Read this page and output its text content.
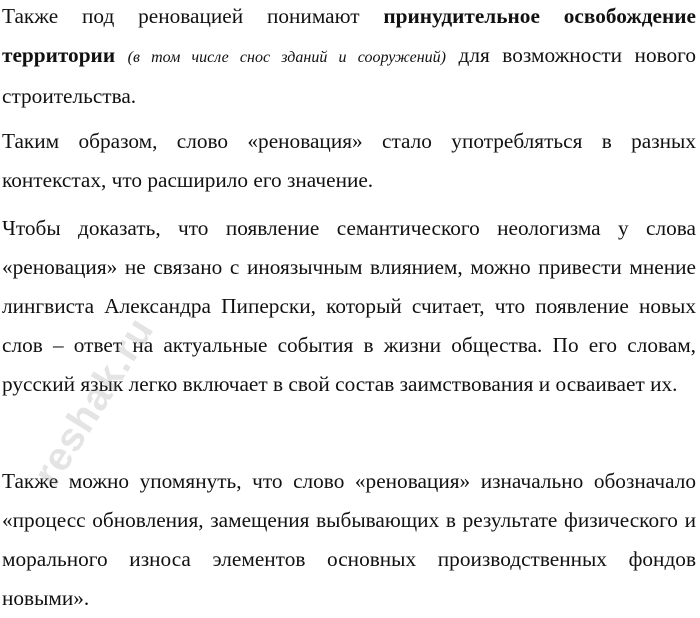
Также под реновацией понимают принудительное освобождение территории (в том числе снос зданий и сооружений) для возможности нового строительства.

Таким образом, слово «реновация» стало употребляться в разных контекстах, что расширило его значение.

Чтобы доказать, что появление семантического неологизма у слова «реновация» не связано с иноязычным влиянием, можно привести мнение лингвиста Александра Пиперски, который считает, что появление новых слов – ответ на актуальные события в жизни общества. По его словам, русский язык легко включает в свой состав заимствования и осваивает их.

Также можно упомянуть, что слово «реновация» изначально обозначало «процесс обновления, замещения выбывающих в результате физического и морального износа элементов основных производственных фондов новыми».

reshak.ru
